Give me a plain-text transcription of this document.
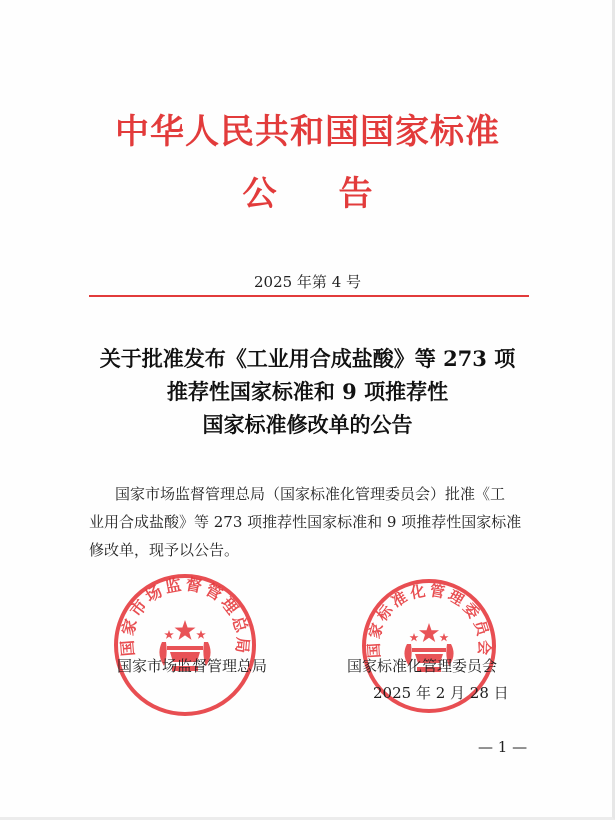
中华人民共和国国家标准
公告
2025 年第 4 号
关于批准发布《工业用合成盐酸》等 273 项
推荐性国家标准和 9 项推荐性
国家标准修改单的公告
国家市场监督管理总局（国家标准化管理委员会）批准《工
业用合成盐酸》等 273 项推荐性国家标准和 9 项推荐性国家标准
修改单，现予以公告。
国家市场监督管理总局	国家标准化管理委员会
国家市场监督管理总局	国家标准化管理委员会
2025 年 2 月 28 日
— 1 —
